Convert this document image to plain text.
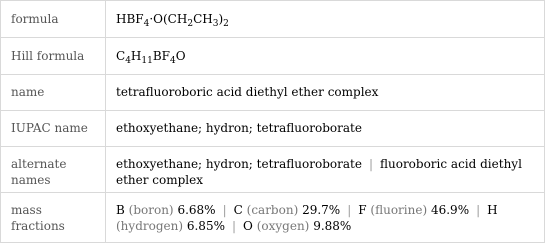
formula	$HBF_4\cdot O(CH_2CH_3)_2$
Hill formula	$C_4H_{11}BF_4O$
name	tetrafluoroboric acid diethyl ether complex
IUPAC name	ethoxyethane; hydron; tetrafluoroborate
alternate names	ethoxyethane; hydron; tetrafluoroborate | fluoroboric acid diethyl ether complex
mass fractions	B (boron) 6.68% | C (carbon) 29.7% | F (fluorine) 46.9% | H (hydrogen) 6.85% | O (oxygen) 9.88%
